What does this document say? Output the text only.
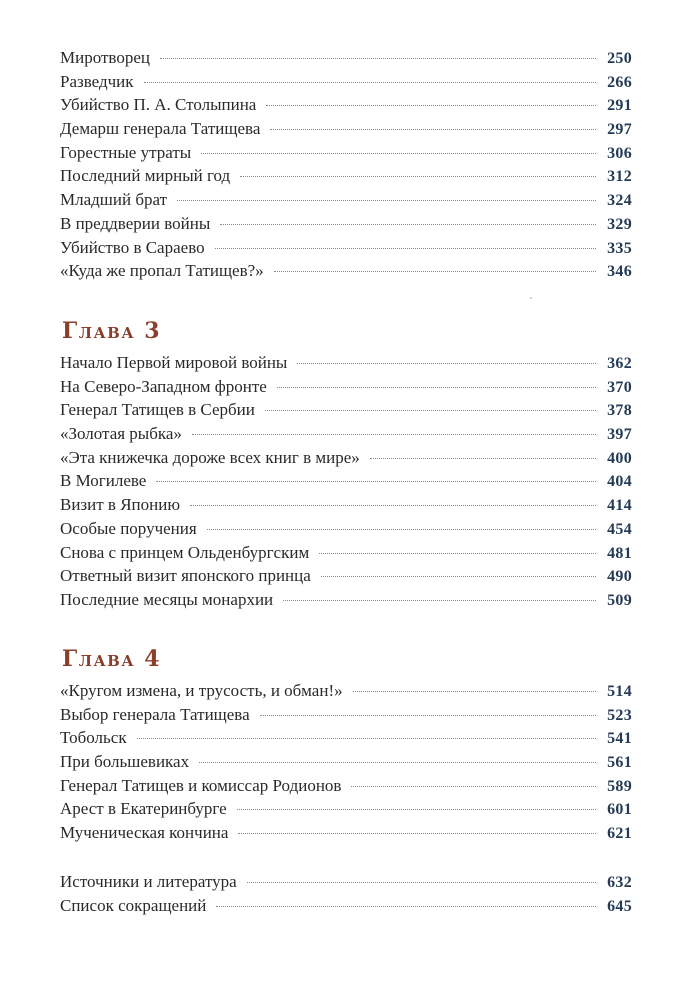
Миротворец	250
Разведчик	266
Убийство П. А. Столыпина	291
Демарш генерала Татищева	297
Горестные утраты	306
Последний мирный год	312
Младший брат	324
В преддверии войны	329
Убийство в Сараево	335
«Куда же пропал Татищев?»	346
Глава 3
Начало Первой мировой войны	362
На Северо-Западном фронте	370
Генерал Татищев в Сербии	378
«Золотая рыбка»	397
«Эта книжечка дороже всех книг в мире»	400
В Могилеве	404
Визит в Японию	414
Особые поручения	454
Снова с принцем Ольденбургским	481
Ответный визит японского принца	490
Последние месяцы монархии	509
Глава 4
«Кругом измена, и трусость, и обман!»	514
Выбор генерала Татищева	523
Тобольск	541
При большевиках	561
Генерал Татищев и комиссар Родионов	589
Арест в Екатеринбурге	601
Мученическая кончина	621
Источники и литература	632
Список сокращений	645
